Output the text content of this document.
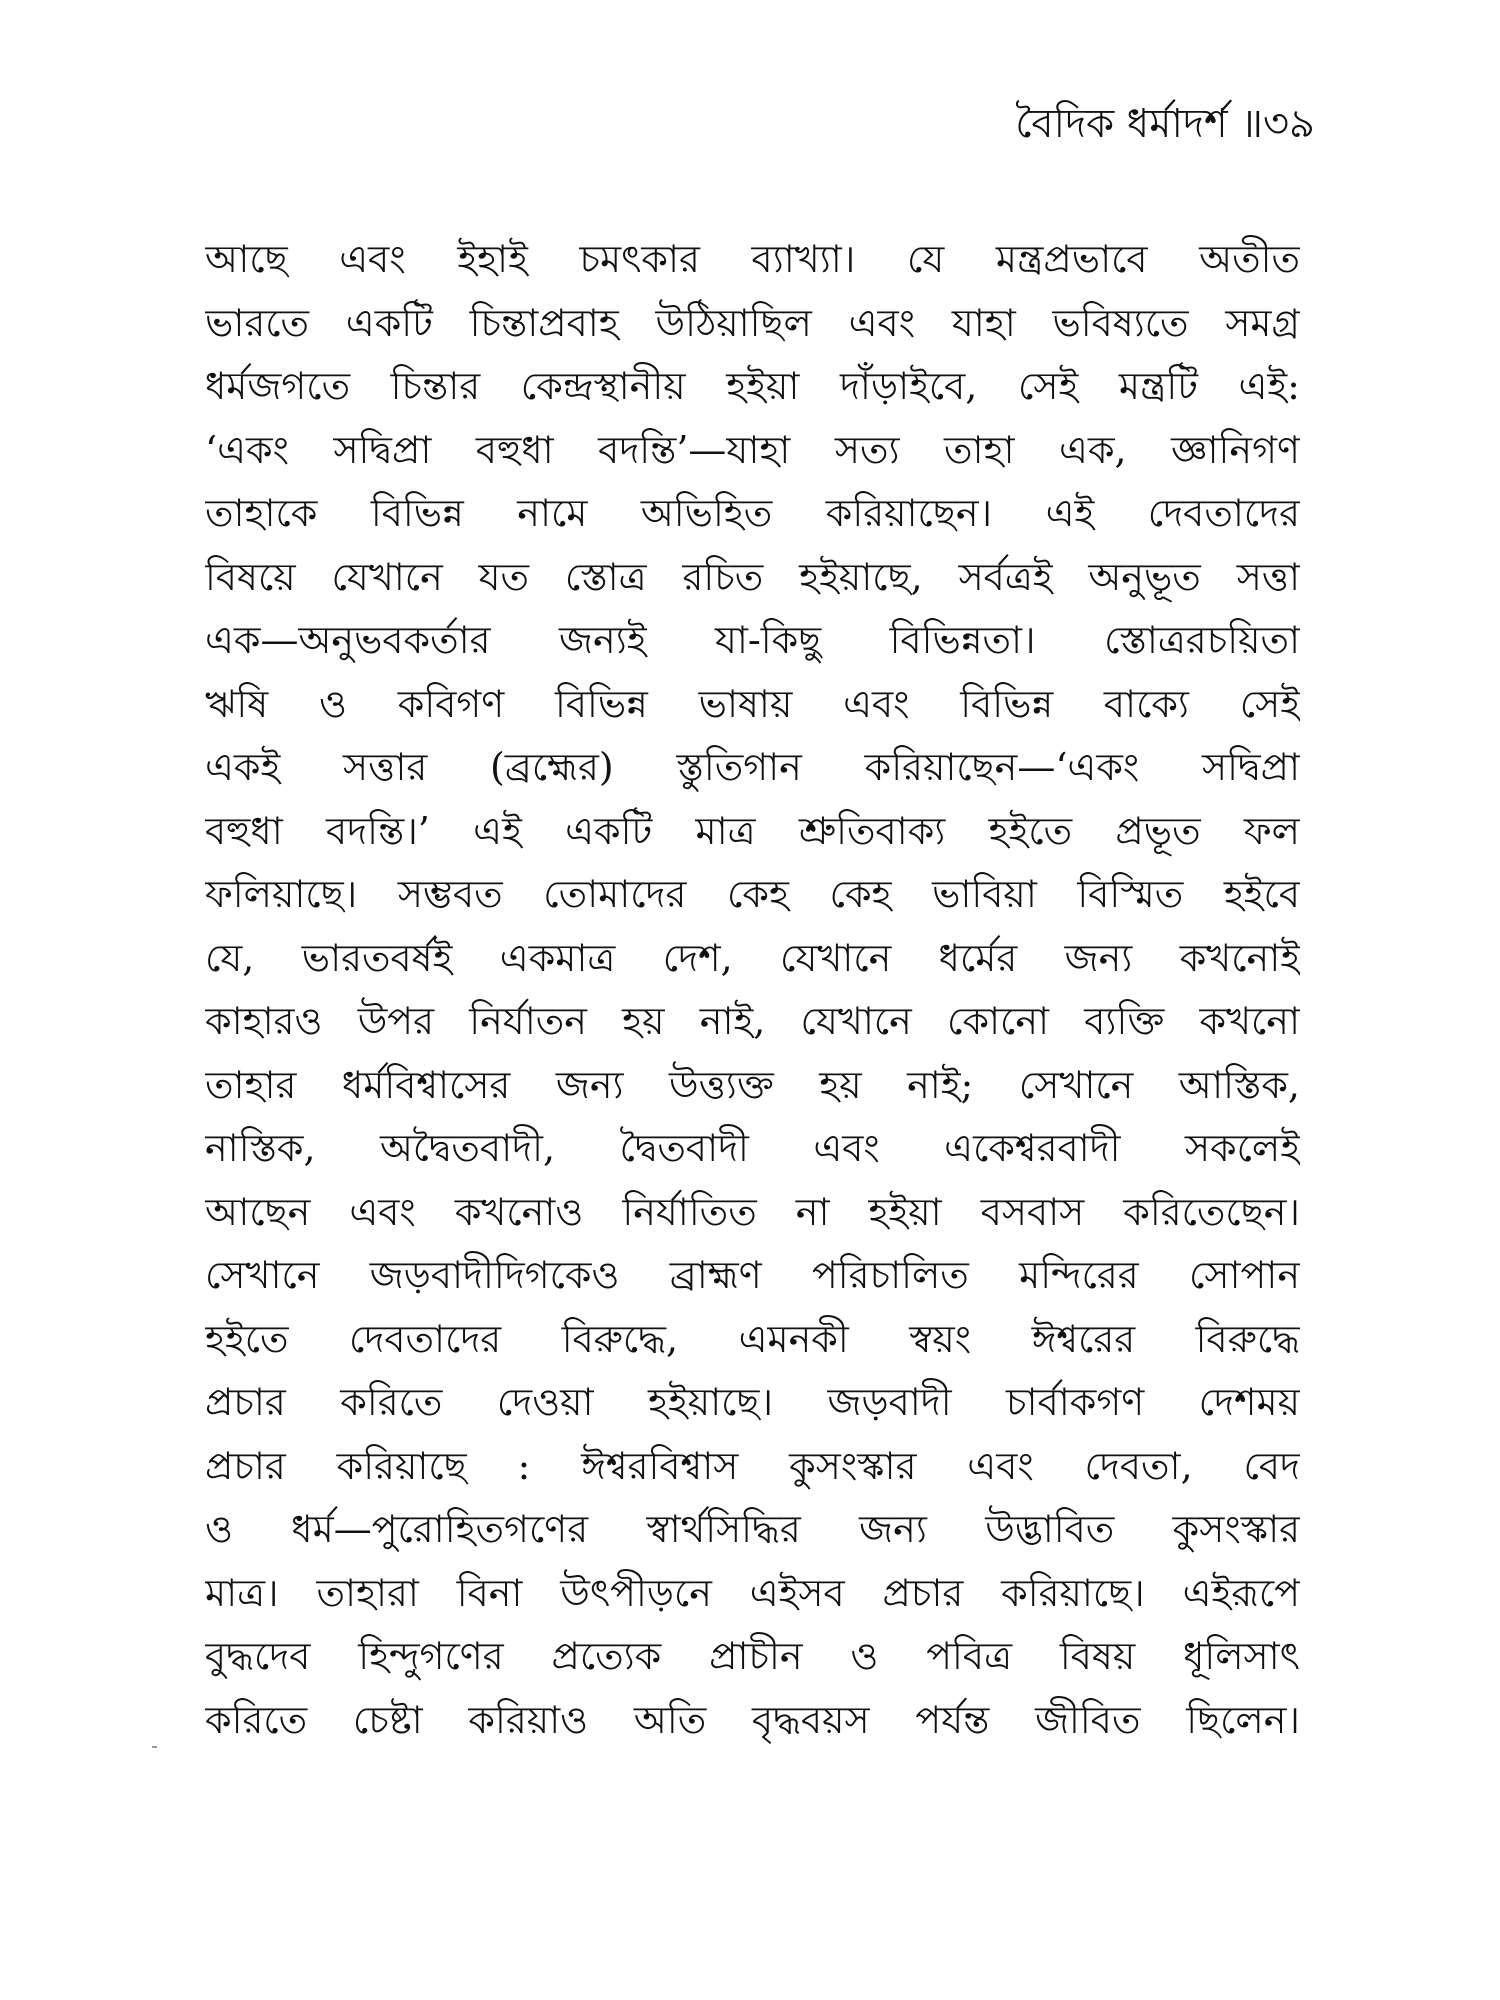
বৈদিক ধর্মাদর্শ ॥৩৯
আছে এবং ইহাই চমৎকার ব্যাখ্যা। যে মন্ত্রপ্রভাবে অতীত
ভারতে একটি চিন্তাপ্রবাহ উঠিয়াছিল এবং যাহা ভবিষ্যতে সমগ্র
ধর্মজগতে চিন্তার কেন্দ্রস্থানীয় হইয়া দাঁড়াইবে, সেই মন্ত্রটি এই:
‘একং সদ্বিপ্রা বহুধা বদন্তি’—যাহা সত্য তাহা এক, জ্ঞানিগণ
তাহাকে বিভিন্ন নামে অভিহিত করিয়াছেন। এই দেবতাদের
বিষয়ে যেখানে যত স্তোত্র রচিত হইয়াছে, সর্বত্রই অনুভূত সত্তা
এক—অনুভবকর্তার জন্যই যা-কিছু বিভিন্নতা। স্তোত্ররচয়িতা
ঋষি ও কবিগণ বিভিন্ন ভাষায় এবং বিভিন্ন বাক্যে সেই
একই সত্তার (ব্রহ্মের) স্তুতিগান করিয়াছেন—‘একং সদ্বিপ্রা
বহুধা বদন্তি।’ এই একটি মাত্র শ্রুতিবাক্য হইতে প্রভূত ফল
ফলিয়াছে। সম্ভবত তোমাদের কেহ কেহ ভাবিয়া বিস্মিত হইবে
যে, ভারতবর্ষই একমাত্র দেশ, যেখানে ধর্মের জন্য কখনোই
কাহারও উপর নির্যাতন হয় নাই, যেখানে কোনো ব্যক্তি কখনো
তাহার ধর্মবিশ্বাসের জন্য উত্ত্যক্ত হয় নাই; সেখানে আস্তিক,
নাস্তিক, অদ্বৈতবাদী, দ্বৈতবাদী এবং একেশ্বরবাদী সকলেই
আছেন এবং কখনোও নির্যাতিত না হইয়া বসবাস করিতেছেন।
সেখানে জড়বাদীদিগকেও ব্রাহ্মণ পরিচালিত মন্দিরের সোপান
হইতে দেবতাদের বিরুদ্ধে, এমনকী স্বয়ং ঈশ্বরের বিরুদ্ধে
প্রচার করিতে দেওয়া হইয়াছে। জড়বাদী চার্বাকগণ দেশময়
প্রচার করিয়াছে : ঈশ্বরবিশ্বাস কুসংস্কার এবং দেবতা, বেদ
ও ধর্ম—পুরোহিতগণের স্বার্থসিদ্ধির জন্য উদ্ভাবিত কুসংস্কার
মাত্র। তাহারা বিনা উৎপীড়নে এইসব প্রচার করিয়াছে। এইরূপে
বুদ্ধদেব হিন্দুগণের প্রত্যেক প্রাচীন ও পবিত্র বিষয় ধূলিসাৎ
করিতে চেষ্টা করিয়াও অতি বৃদ্ধবয়স পর্যন্ত জীবিত ছিলেন।
